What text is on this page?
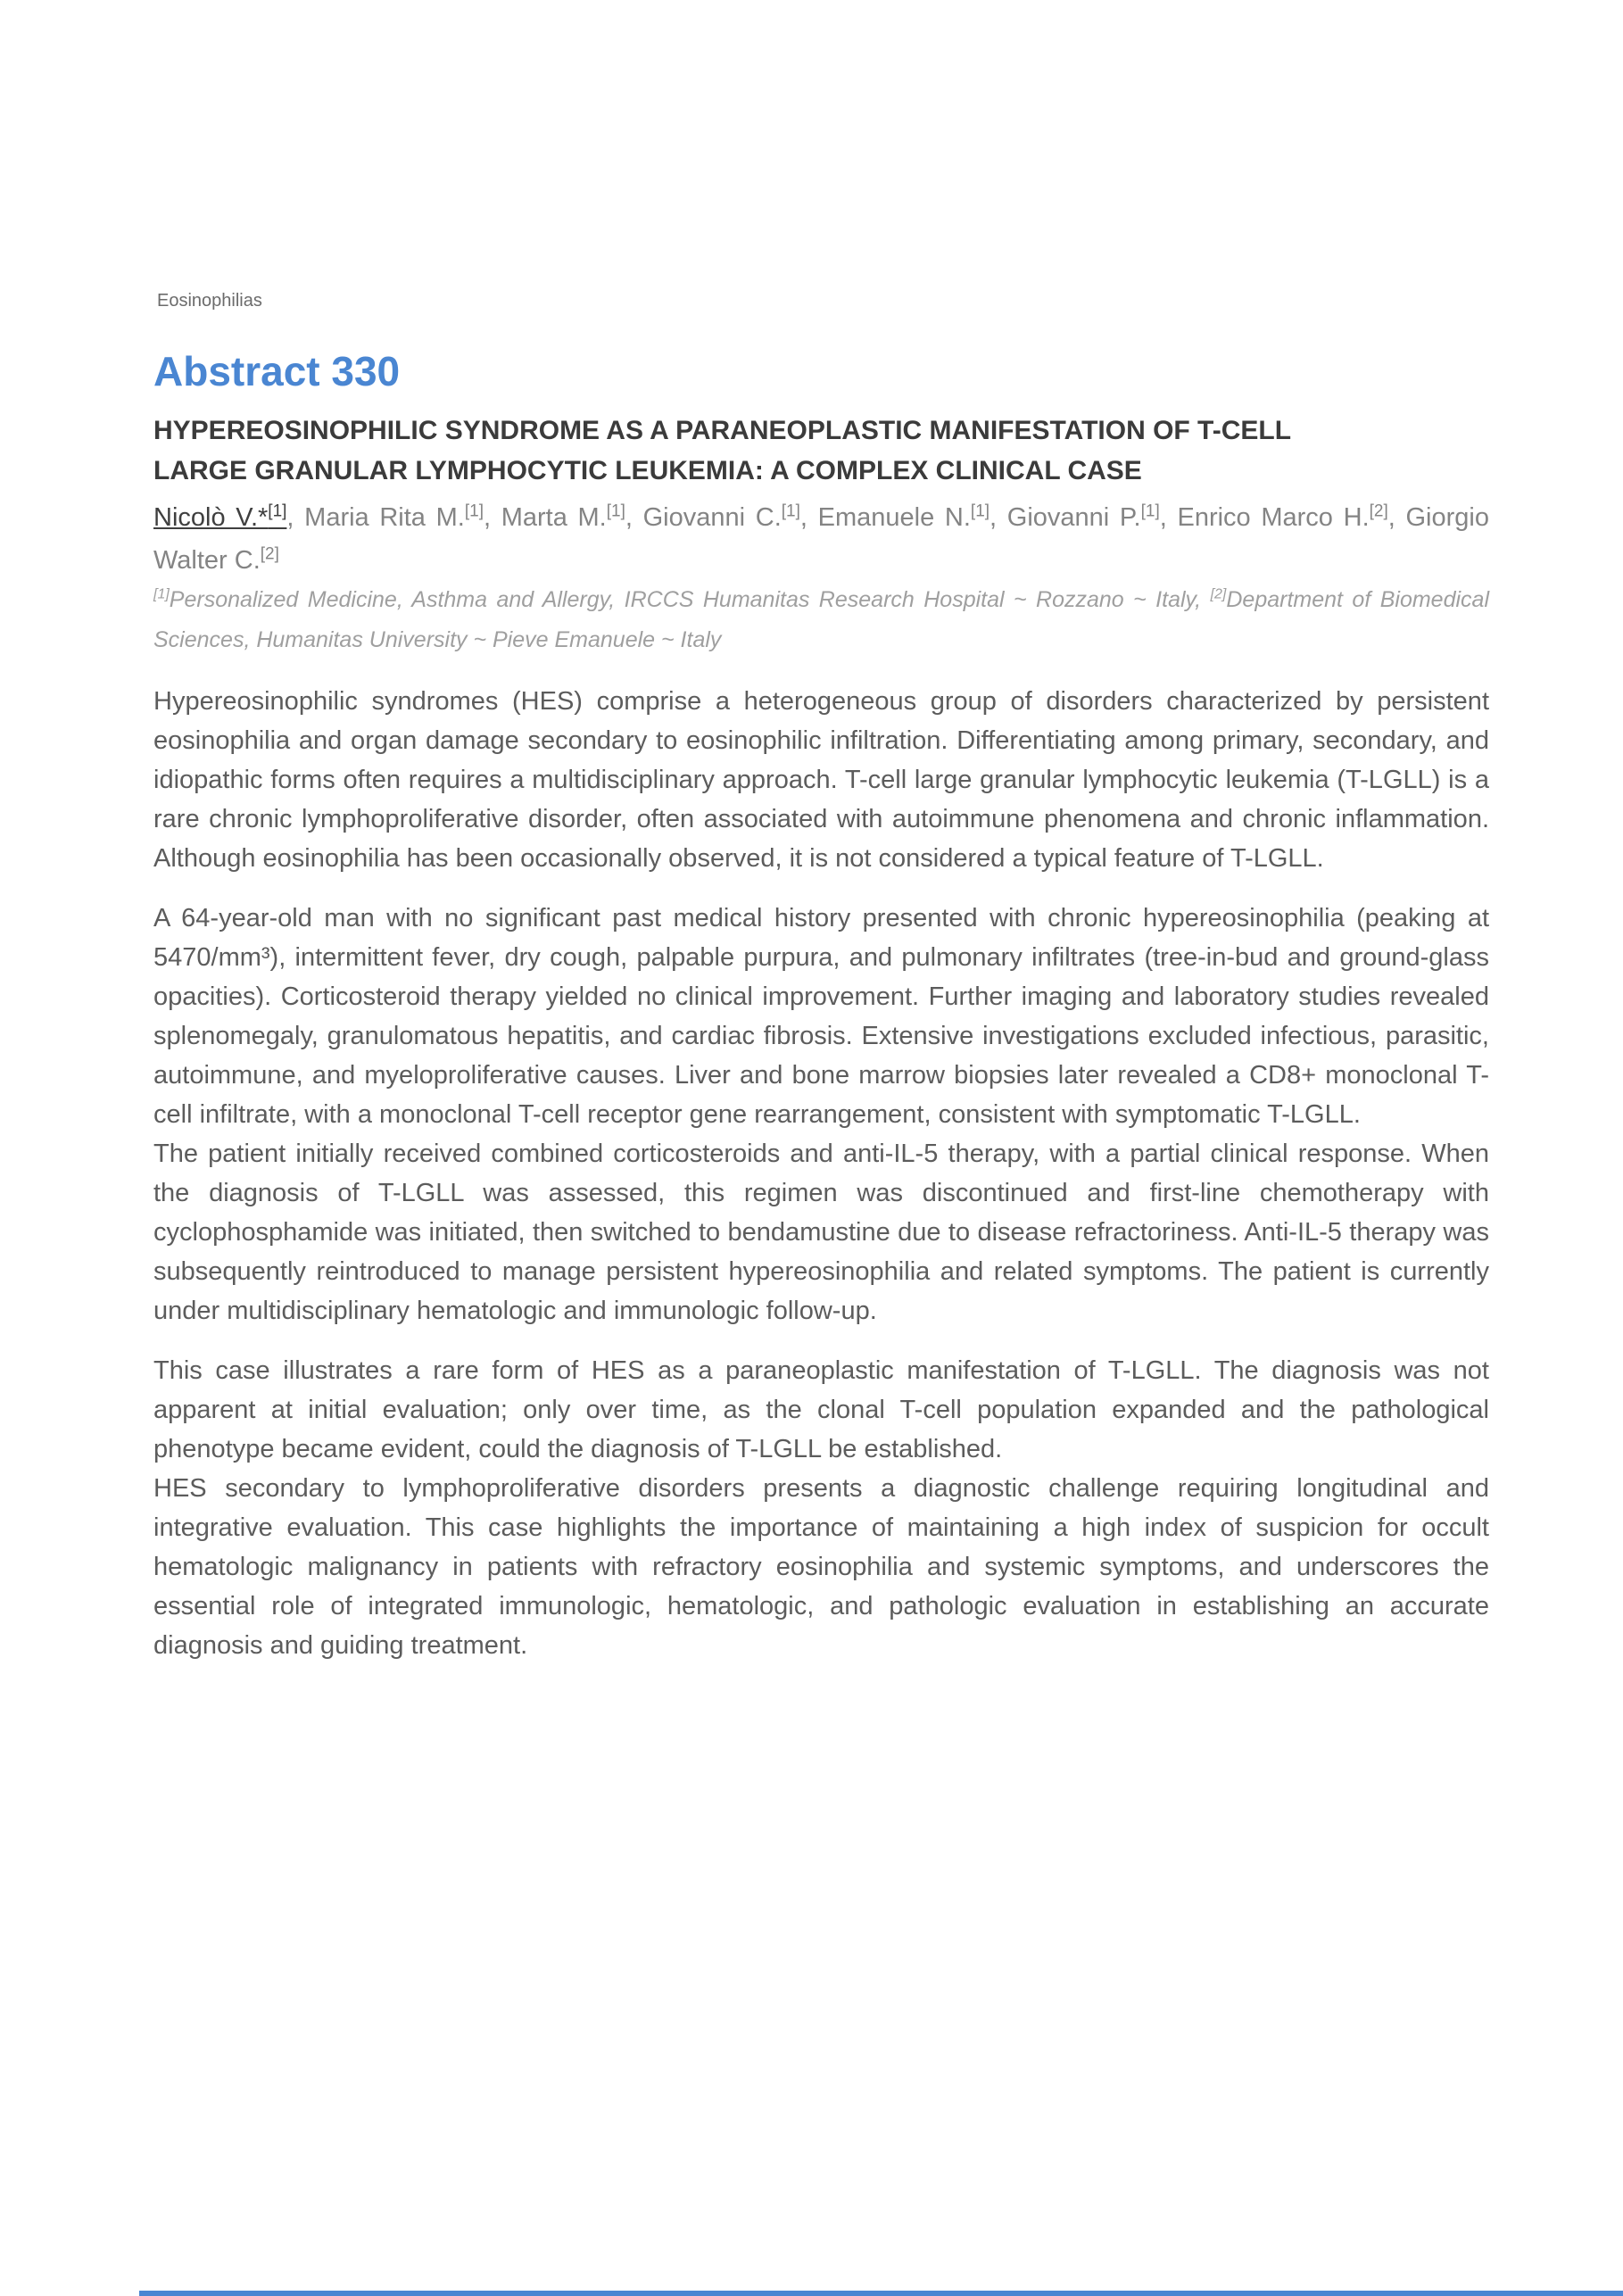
Eosinophilias
Abstract 330
HYPEREOSINOPHILIC SYNDROME AS A PARANEOPLASTIC MANIFESTATION OF T-CELL
LARGE GRANULAR LYMPHOCYTIC LEUKEMIA: A COMPLEX CLINICAL CASE
Nicolò V.*[1], Maria Rita M.[1], Marta M.[1], Giovanni C.[1], Emanuele N.[1], Giovanni P.[1], Enrico Marco H.[2], Giorgio Walter C.[2]
[1]Personalized Medicine, Asthma and Allergy, IRCCS Humanitas Research Hospital ~ Rozzano ~ Italy, [2]Department of Biomedical Sciences, Humanitas University ~ Pieve Emanuele ~ Italy

Hypereosinophilic syndromes (HES) comprise a heterogeneous group of disorders characterized by persistent eosinophilia and organ damage secondary to eosinophilic infiltration. Differentiating among primary, secondary, and idiopathic forms often requires a multidisciplinary approach. T-cell large granular lymphocytic leukemia (T-LGLL) is a rare chronic lymphoproliferative disorder, often associated with autoimmune phenomena and chronic inflammation. Although eosinophilia has been occasionally observed, it is not considered a typical feature of T-LGLL.

A 64-year-old man with no significant past medical history presented with chronic hypereosinophilia (peaking at 5470/mm³), intermittent fever, dry cough, palpable purpura, and pulmonary infiltrates (tree-in-bud and ground-glass opacities). Corticosteroid therapy yielded no clinical improvement. Further imaging and laboratory studies revealed splenomegaly, granulomatous hepatitis, and cardiac fibrosis. Extensive investigations excluded infectious, parasitic, autoimmune, and myeloproliferative causes. Liver and bone marrow biopsies later revealed a CD8+ monoclonal T-cell infiltrate, with a monoclonal T-cell receptor gene rearrangement, consistent with symptomatic T-LGLL.

The patient initially received combined corticosteroids and anti-IL-5 therapy, with a partial clinical response. When the diagnosis of T-LGLL was assessed, this regimen was discontinued and first-line chemotherapy with cyclophosphamide was initiated, then switched to bendamustine due to disease refractoriness. Anti-IL-5 therapy was subsequently reintroduced to manage persistent hypereosinophilia and related symptoms. The patient is currently under multidisciplinary hematologic and immunologic follow-up.

This case illustrates a rare form of HES as a paraneoplastic manifestation of T-LGLL. The diagnosis was not apparent at initial evaluation; only over time, as the clonal T-cell population expanded and the pathological phenotype became evident, could the diagnosis of T-LGLL be established.

HES secondary to lymphoproliferative disorders presents a diagnostic challenge requiring longitudinal and integrative evaluation. This case highlights the importance of maintaining a high index of suspicion for occult hematologic malignancy in patients with refractory eosinophilia and systemic symptoms, and underscores the essential role of integrated immunologic, hematologic, and pathologic evaluation in establishing an accurate diagnosis and guiding treatment.
